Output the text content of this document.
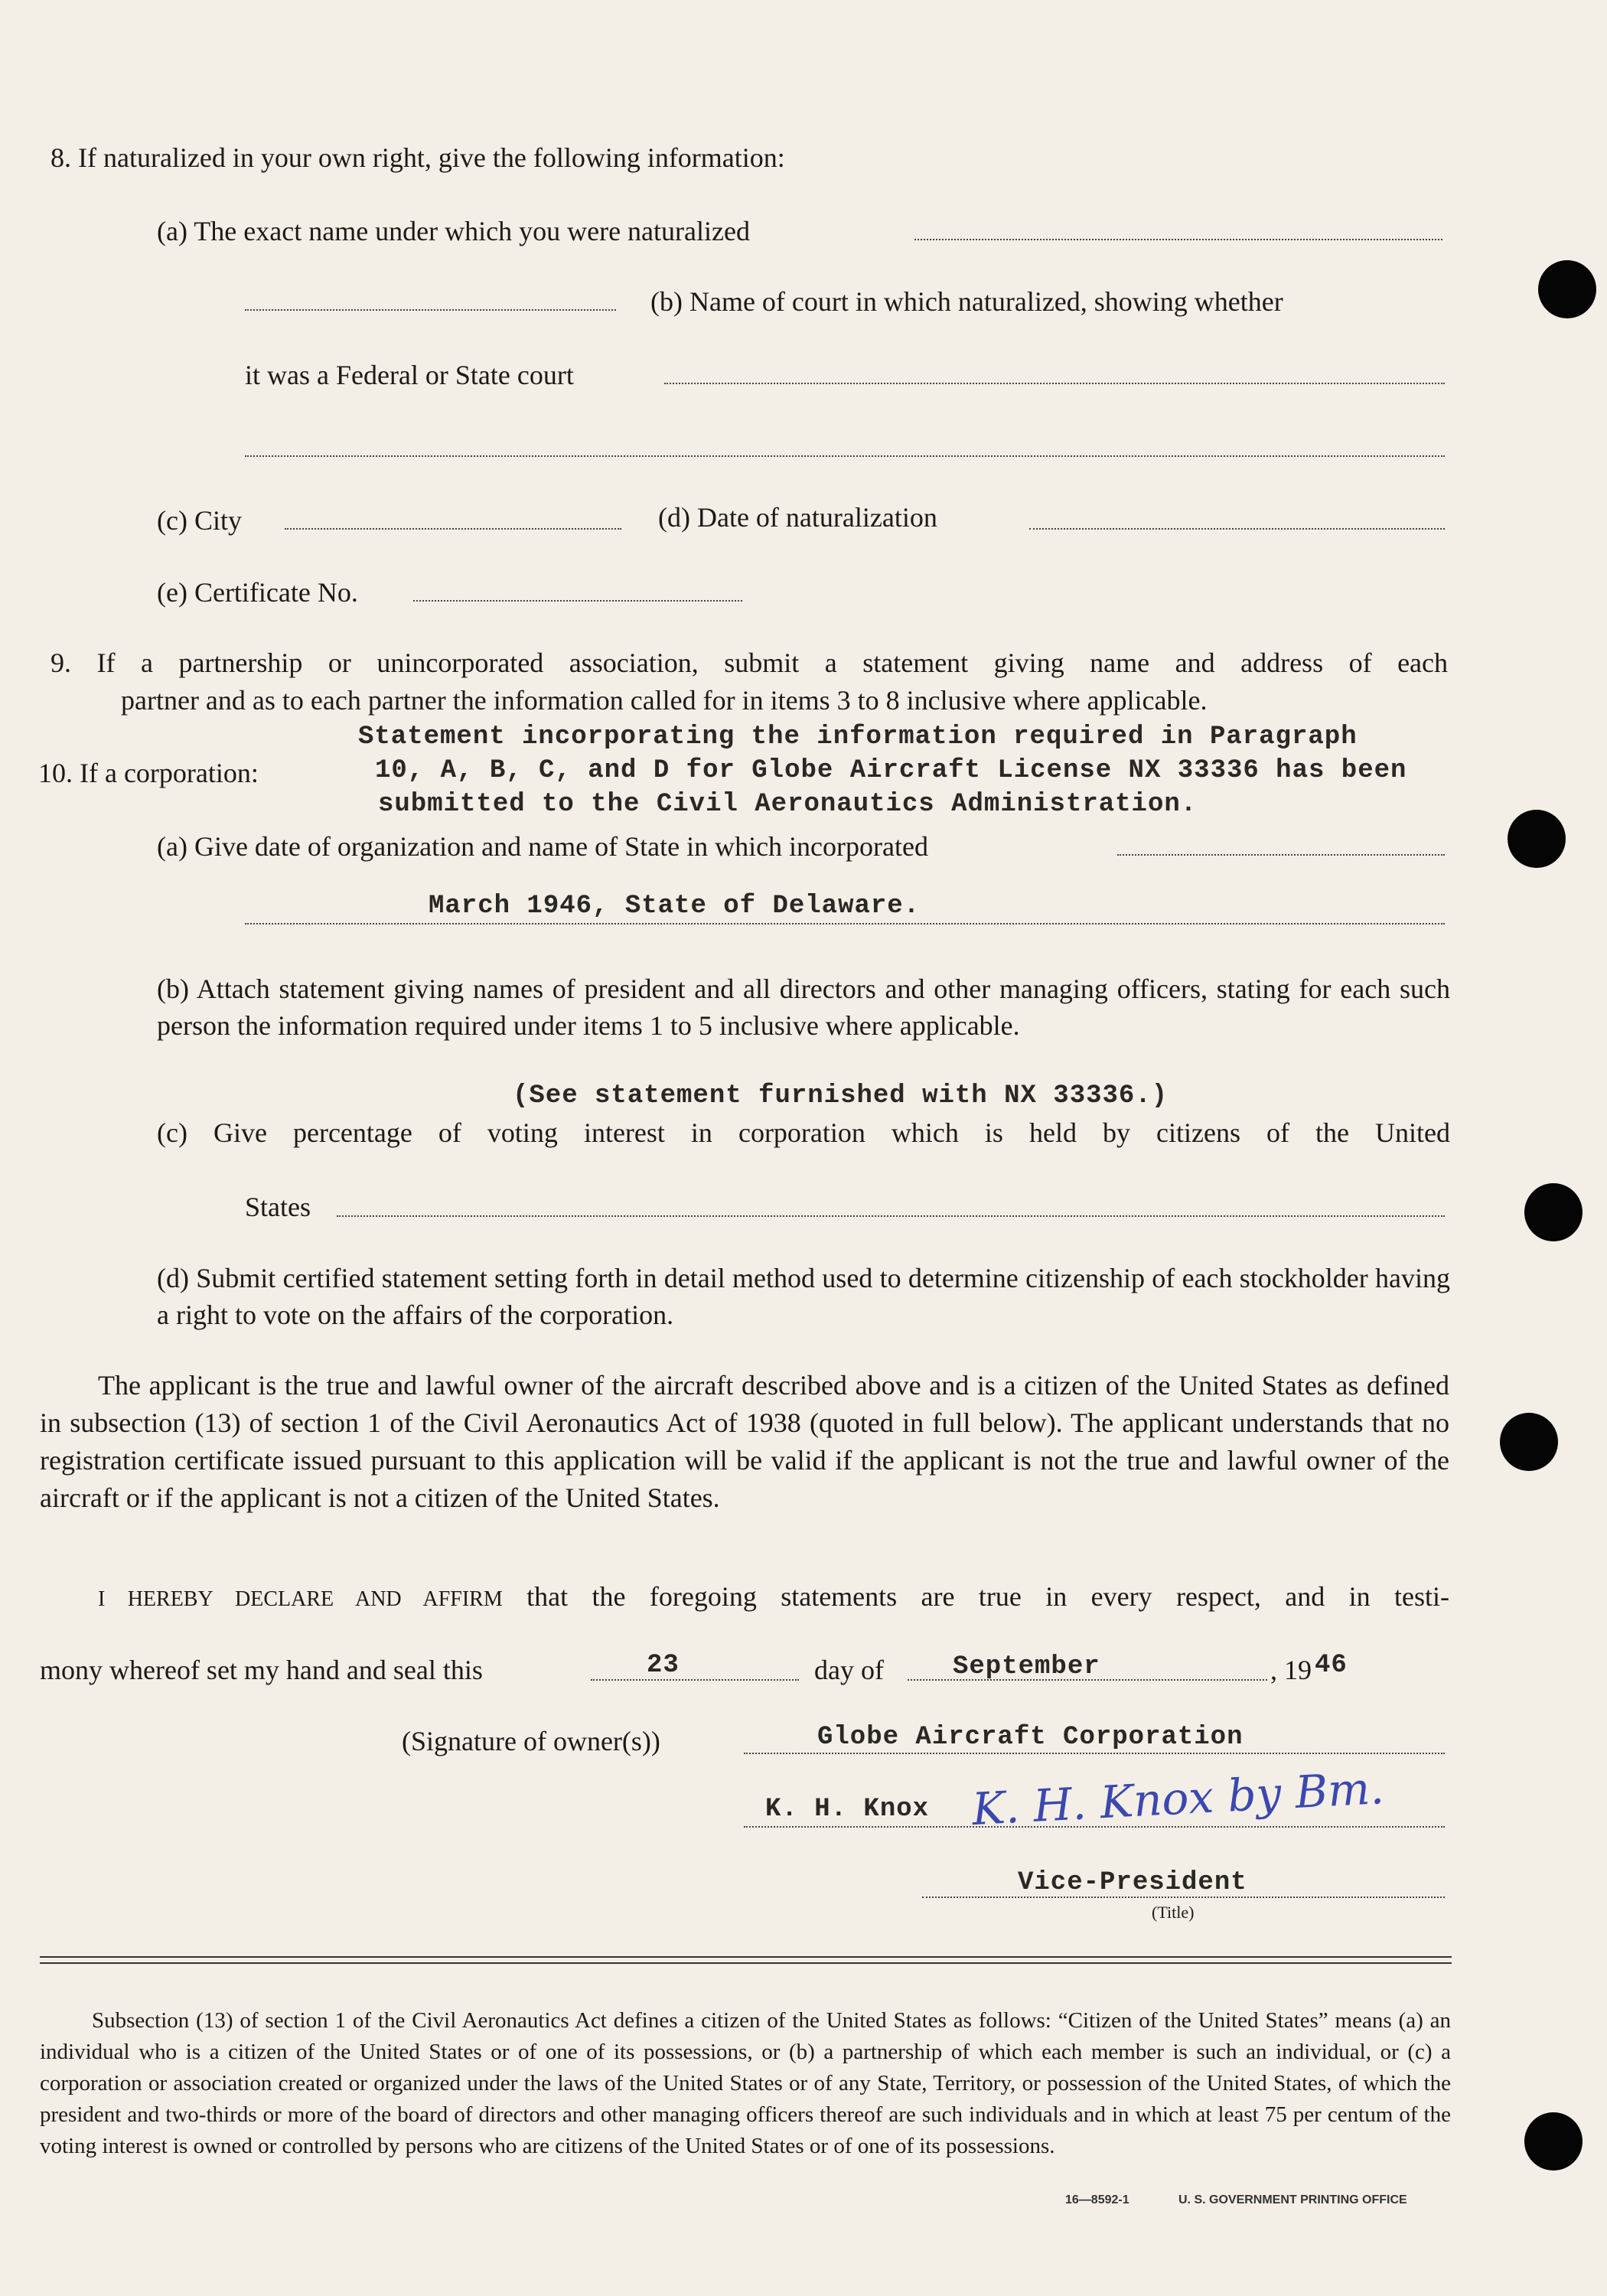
8. If naturalized in your own right, give the following information:
(a) The exact name under which you were naturalized
(b) Name of court in which naturalized, showing whether
it was a Federal or State court
(c) City	(d) Date of naturalization
(e) Certificate No.
9. If a partnership or unincorporated association, submit a statement giving name and address of each
partner and as to each partner the information called for in items 3 to 8 inclusive where applicable.
10. If a corporation:
Statement incorporating the information required in Paragraph
10, A, B, C, and D for Globe Aircraft License NX 33336 has been
submitted to the Civil Aeronautics Administration.
(a) Give date of organization and name of State in which incorporated
March 1946, State of Delaware.
(b) Attach statement giving names of president and all directors and other managing officers, stating for each such person the information required under items 1 to 5 inclusive where applicable.
(See statement furnished with NX 33336.)
(c) Give percentage of voting interest in corporation which is held by citizens of the United
States
(d) Submit certified statement setting forth in detail method used to determine citizenship of each stockholder having a right to vote on the affairs of the corporation.
The applicant is the true and lawful owner of the aircraft described above and is a citizen of the United States as defined in subsection (13) of section 1 of the Civil Aeronautics Act of 1938 (quoted in full below). The applicant understands that no registration certificate issued pursuant to this application will be valid if the applicant is not the true and lawful owner of the aircraft or if the applicant is not a citizen of the United States.
I HEREBY DECLARE AND AFFIRM that the foregoing statements are true in every respect, and in testi-
mony whereof set my hand and seal this	23	day of	September	, 19 46
(Signature of owner(s))	Globe Aircraft Corporation
K. H. Knox K. H. Knox by Bm.
Vice-President
(Title)
Subsection (13) of section 1 of the Civil Aeronautics Act defines a citizen of the United States as follows: “Citizen of the United States” means (a) an individual who is a citizen of the United States or of one of its possessions, or (b) a partnership of which each member is such an individual, or (c) a corporation or association created or organized under the laws of the United States or of any State, Territory, or possession of the United States, of which the president and two-thirds or more of the board of directors and other managing officers thereof are such individuals and in which at least 75 per centum of the voting interest is owned or controlled by persons who are citizens of the United States or of one of its possessions.
16—8592-1	U. S. GOVERNMENT PRINTING OFFICE
